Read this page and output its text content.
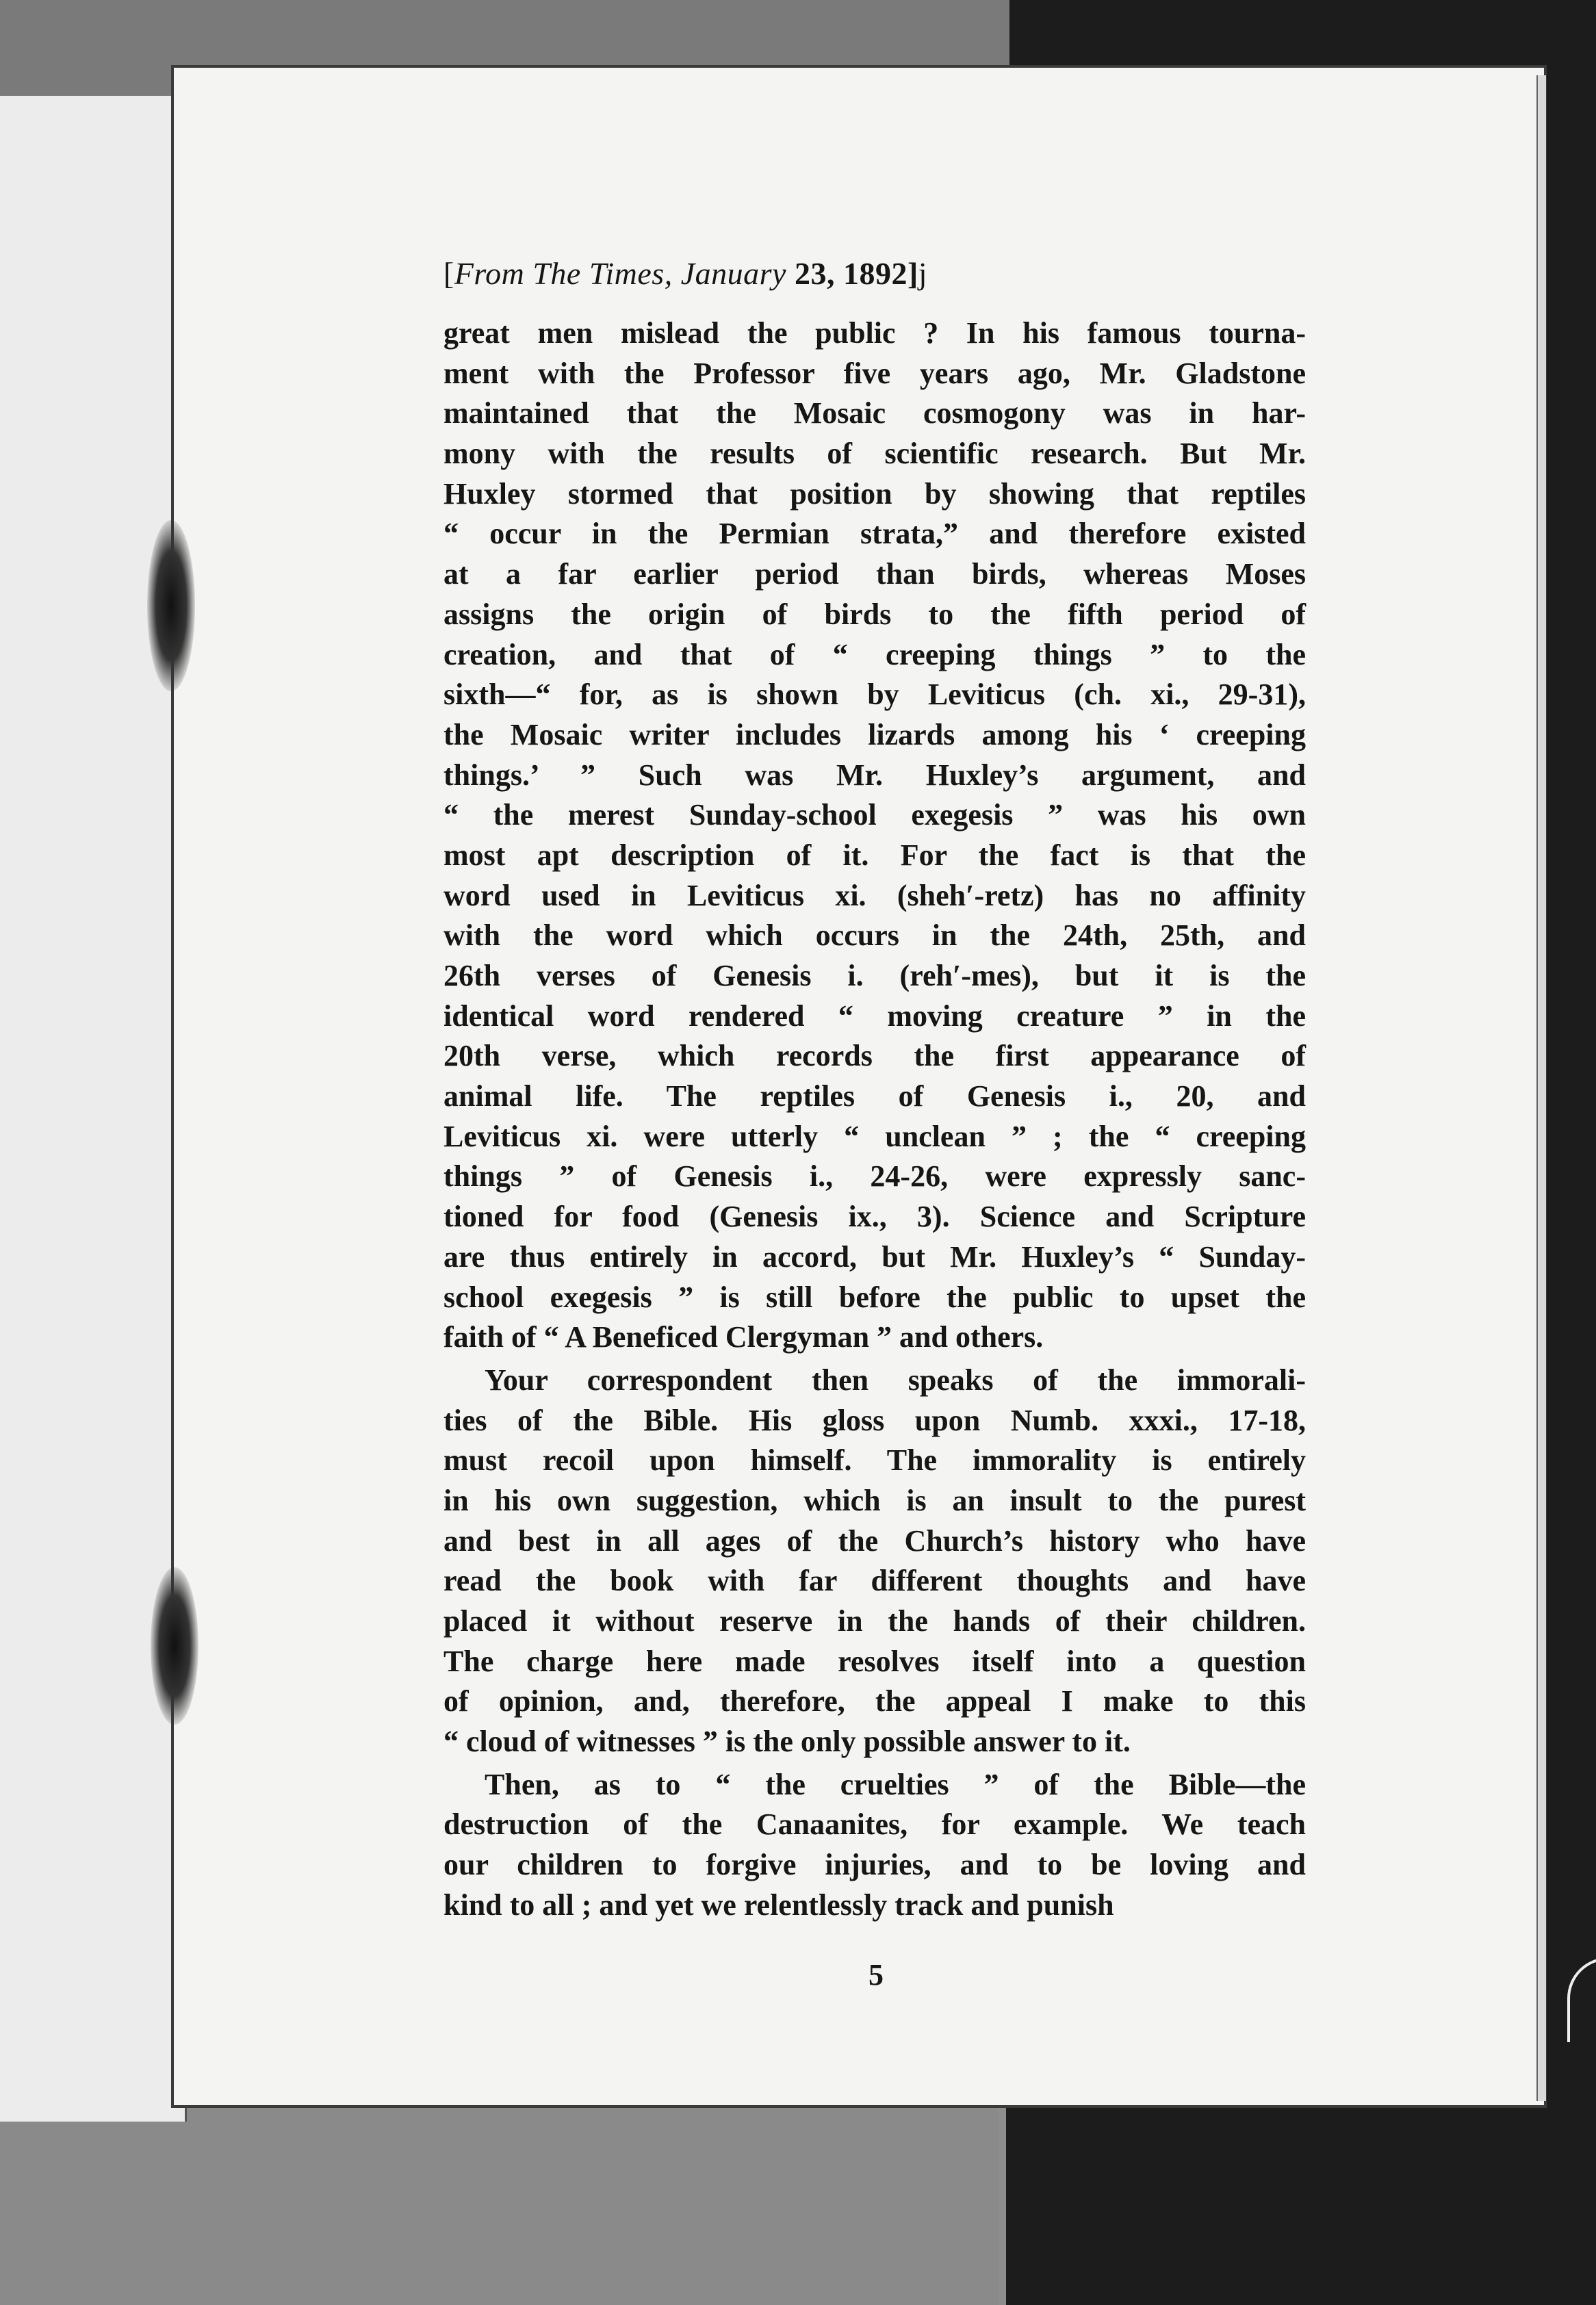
[From The Times, January 23, 1892]j
great men mislead the public ? In his famous tourna-
ment with the Professor five years ago, Mr. Gladstone
maintained that the Mosaic cosmogony was in har-
mony with the results of scientific research. But Mr.
Huxley stormed that position by showing that reptiles
“ occur in the Permian strata,” and therefore existed
at a far earlier period than birds, whereas Moses
assigns the origin of birds to the fifth period of
creation, and that of “ creeping things ” to the
sixth—“ for, as is shown by Leviticus (ch. xi., 29-31),
the Mosaic writer includes lizards among his ‘ creeping
things.’ ” Such was Mr. Huxley’s argument, and
“ the merest Sunday-school exegesis ” was his own
most apt description of it. For the fact is that the
word used in Leviticus xi. (sheh′-retz) has no affinity
with the word which occurs in the 24th, 25th, and
26th verses of Genesis i. (reh′-mes), but it is the
identical word rendered “ moving creature ” in the
20th verse, which records the first appearance of
animal life. The reptiles of Genesis i., 20, and
Leviticus xi. were utterly “ unclean ” ; the “ creeping
things ” of Genesis i., 24-26, were expressly sanc-
tioned for food (Genesis ix., 3). Science and Scripture
are thus entirely in accord, but Mr. Huxley’s “ Sunday-
school exegesis ” is still before the public to upset the
faith of “ A Beneficed Clergyman ” and others.
Your correspondent then speaks of the immorali-
ties of the Bible. His gloss upon Numb. xxxi., 17-18,
must recoil upon himself. The immorality is entirely
in his own suggestion, which is an insult to the purest
and best in all ages of the Church’s history who have
read the book with far different thoughts and have
placed it without reserve in the hands of their children.
The charge here made resolves itself into a question
of opinion, and, therefore, the appeal I make to this
“ cloud of witnesses ” is the only possible answer to it.
Then, as to “ the cruelties ” of the Bible—the
destruction of the Canaanites, for example. We teach
our children to forgive injuries, and to be loving and
kind to all ; and yet we relentlessly track and punish
5
